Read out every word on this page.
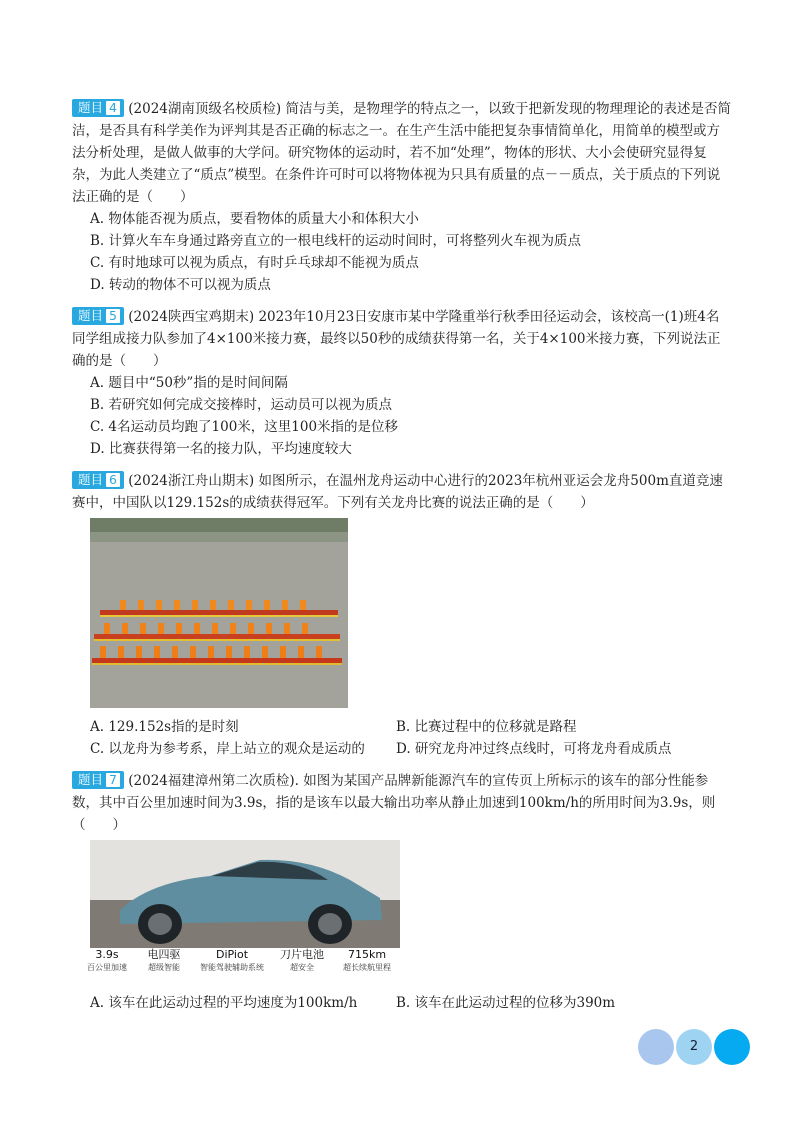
题目 4 (2024湖南顶级名校质检) 简洁与美，是物理学的特点之一，以致于把新发现的物理理论的表述是否简洁，是否具有科学美作为评判其是否正确的标志之一。在生产生活中能把复杂事情简单化，用简单的模型或方法分析处理，是做人做事的大学问。研究物体的运动时，若不加“处理”，物体的形状、大小会使研究显得复杂，为此人类建立了“质点”模型。在条件许可时可以将物体视为只具有质量的点－－质点，关于质点的下列说法正确的是（　　）
A. 物体能否视为质点，要看物体的质量大小和体积大小
B. 计算火车车身通过路旁直立的一根电线杆的运动时间时，可将整列火车视为质点
C. 有时地球可以视为质点，有时乒乓球却不能视为质点
D. 转动的物体不可以视为质点
题目 5 (2024陕西宝鸡期末) 2023年10月23日安康市某中学隆重举行秋季田径运动会，该校高一(1)班4名同学组成接力队参加了4×100米接力赛，最终以50秒的成绩获得第一名，关于4×100米接力赛，下列说法正确的是（　　）
A. 题目中“50秒”指的是时间间隔
B. 若研究如何完成交接棒时，运动员可以视为质点
C. 4名运动员均跑了100米，这里100米指的是位移
D. 比赛获得第一名的接力队，平均速度较大
题目 6 (2024浙江舟山期末) 如图所示，在温州龙舟运动中心进行的2023年杭州亚运会龙舟500m直道竞速赛中，中国队以129.152s的成绩获得冠军。下列有关龙舟比赛的说法正确的是（　　）
A. 129.152s指的是时刻	B. 比赛过程中的位移就是路程
C. 以龙舟为参考系，岸上站立的观众是运动的	D. 研究龙舟冲过终点线时，可将龙舟看成质点
题目 7 (2024福建漳州第二次质检). 如图为某国产品牌新能源汽车的宣传页上所标示的该车的部分性能参数，其中百公里加速时间为3.9s，指的是该车以最大输出功率从静止加速到100km/h的所用时间为3.9s，则（　　）
3.9s
百公里加速
电四驱
超级智能
DiPiot
智能驾驶辅助系统
刀片电池
超安全
715km
超长续航里程
A. 该车在此运动过程的平均速度为100km/h	B. 该车在此运动过程的位移为390m
2
